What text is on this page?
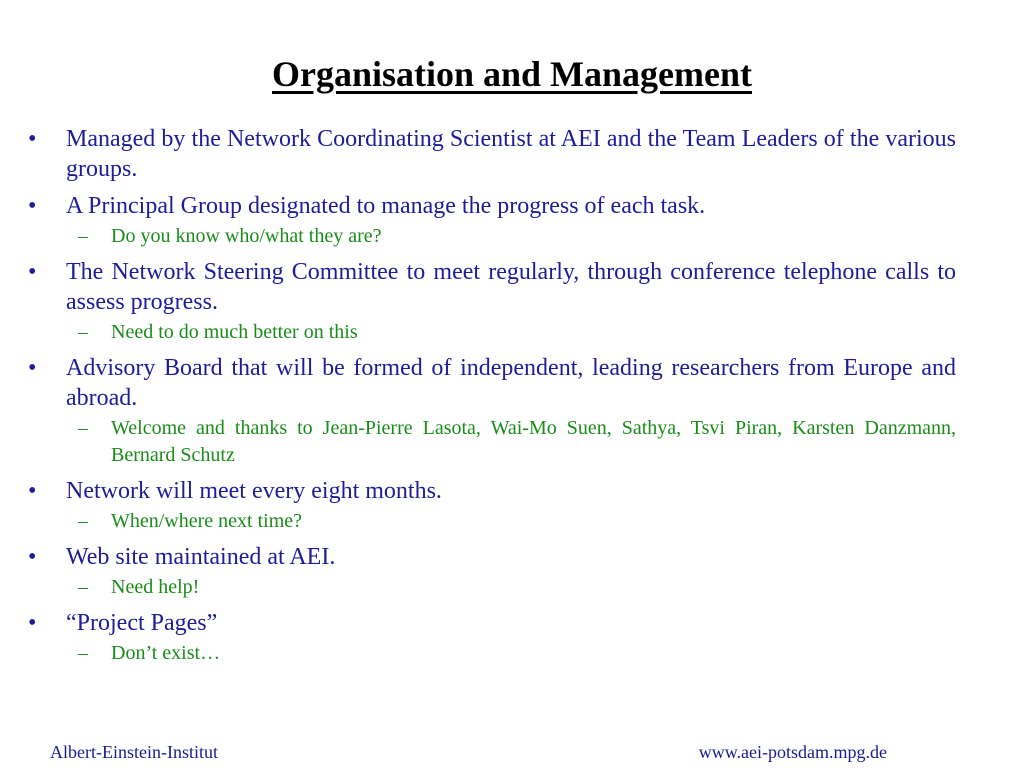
Organisation and Management
• Managed by the Network Coordinating Scientist at AEI and the Team Leaders of the various groups.
• A Principal Group designated to manage the progress of each task.
– Do you know who/what they are?
• The Network Steering Committee to meet regularly, through conference telephone calls to assess progress.
– Need to do much better on this
• Advisory Board that will be formed of independent, leading researchers from Europe and abroad.
– Welcome and thanks to Jean-Pierre Lasota, Wai-Mo Suen, Sathya, Tsvi Piran, Karsten Danzmann, Bernard Schutz
• Network will meet every eight months.
– When/where next time?
• Web site maintained at AEI.
– Need help!
• “Project Pages”
– Don’t exist…
Albert-Einstein-Institut	www.aei-potsdam.mpg.de
